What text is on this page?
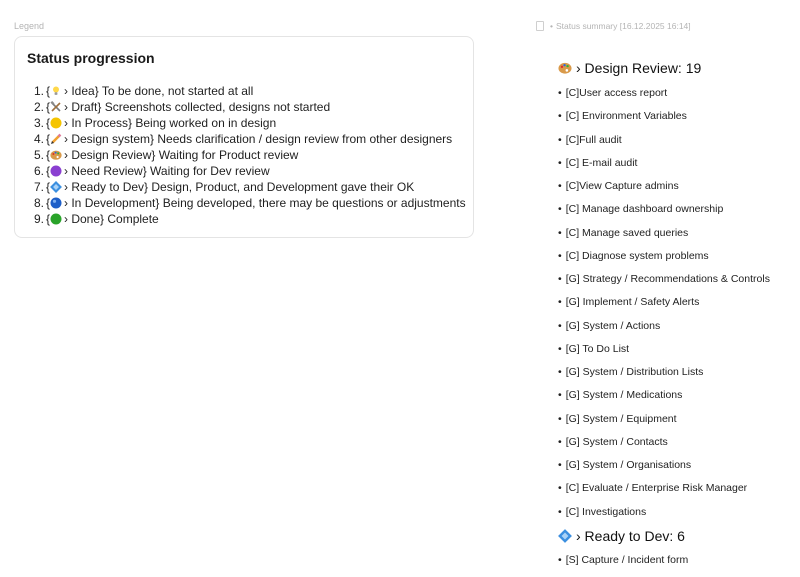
Legend
Status progression
1. { › Idea} To be done, not started at all
2. { › Draft} Screenshots collected, designs not started
3. { › In Process} Being worked on in design
4. { › Design system} Needs clarification / design review from other designers
5. { › Design Review} Waiting for Product review
6. { › Need Review} Waiting for Dev review
7. { › Ready to Dev} Design, Product, and Development gave their OK
8. { › In Development} Being developed, there may be questions or adjustments
9. { › Done} Complete
• Status summary [16.12.2025 16:14]
› Design Review: 19
• [C]User access report
• [C] Environment Variables
• [C]Full audit
• [C] E-mail audit
• [C]View Capture admins
• [C] Manage dashboard ownership
• [C] Manage saved queries
• [C] Diagnose system problems
• [G] Strategy / Recommendations & Controls
• [G] Implement / Safety Alerts
• [G] System / Actions
• [G] To Do List
• [G] System / Distribution Lists
• [G] System / Medications
• [G] System / Equipment
• [G] System / Contacts
• [G] System / Organisations
• [C] Evaluate / Enterprise Risk Manager
• [C] Investigations
› Ready to Dev: 6
• [S] Capture / Incident form
